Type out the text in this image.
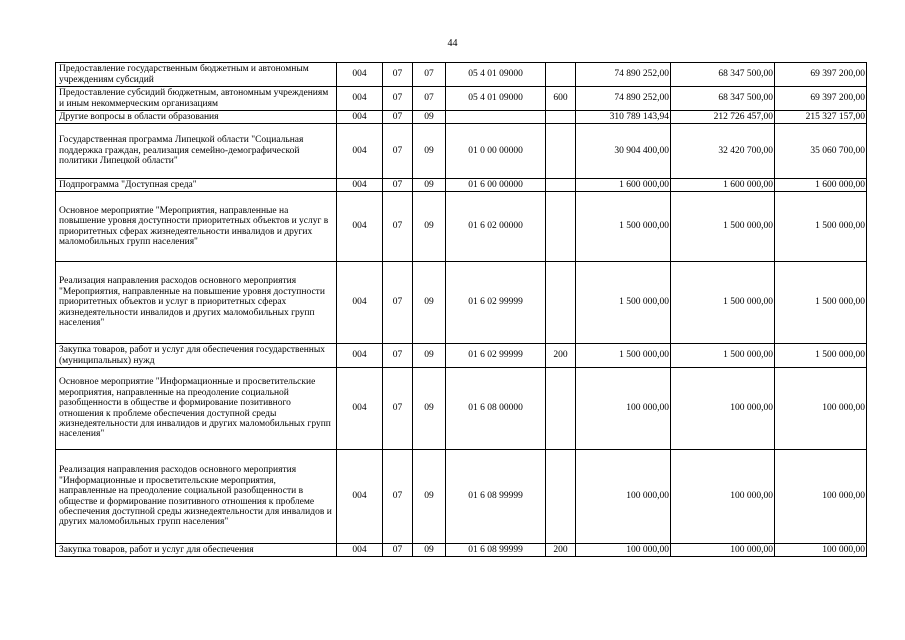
44
Предоставление государственным бюджетным и автономным учреждениям субсидий	004	07	07	05 4 01 09000		74 890 252,00	68 347 500,00	69 397 200,00
Предоставление субсидий бюджетным, автономным учреждениям и иным некоммерческим организациям	004	07	07	05 4 01 09000	600	74 890 252,00	68 347 500,00	69 397 200,00
Другие вопросы в области образования	004	07	09			310 789 143,94	212 726 457,00	215 327 157,00
Государственная программа Липецкой области "Социальная поддержка граждан, реализация семейно-демографической политики Липецкой области"	004	07	09	01 0 00 00000		30 904 400,00	32 420 700,00	35 060 700,00
Подпрограмма "Доступная среда"	004	07	09	01 6 00 00000		1 600 000,00	1 600 000,00	1 600 000,00
Основное мероприятие "Мероприятия, направленные на повышение уровня доступности приоритетных объектов и услуг в приоритетных сферах жизнедеятельности инвалидов и других маломобильных групп населения"	004	07	09	01 6 02 00000		1 500 000,00	1 500 000,00	1 500 000,00
Реализация направления расходов основного мероприятия "Мероприятия, направленные на повышение уровня доступности приоритетных объектов и услуг в приоритетных сферах жизнедеятельности инвалидов и других маломобильных групп населения"	004	07	09	01 6 02 99999		1 500 000,00	1 500 000,00	1 500 000,00
Закупка товаров, работ и услуг для обеспечения государственных (муниципальных) нужд	004	07	09	01 6 02 99999	200	1 500 000,00	1 500 000,00	1 500 000,00
Основное мероприятие "Информационные и просветительские мероприятия, направленные на преодоление социальной разобщенности в обществе и формирование позитивного отношения к проблеме обеспечения доступной среды жизнедеятельности для инвалидов и других маломобильных групп населения"	004	07	09	01 6 08 00000		100 000,00	100 000,00	100 000,00
Реализация направления расходов основного мероприятия "Информационные и просветительские мероприятия, направленные на преодоление социальной разобщенности в обществе и формирование позитивного отношения к проблеме обеспечения доступной среды жизнедеятельности для инвалидов и других маломобильных групп населения"	004	07	09	01 6 08 99999		100 000,00	100 000,00	100 000,00
Закупка товаров, работ и услуг для обеспечения	004	07	09	01 6 08 99999	200	100 000,00	100 000,00	100 000,00
